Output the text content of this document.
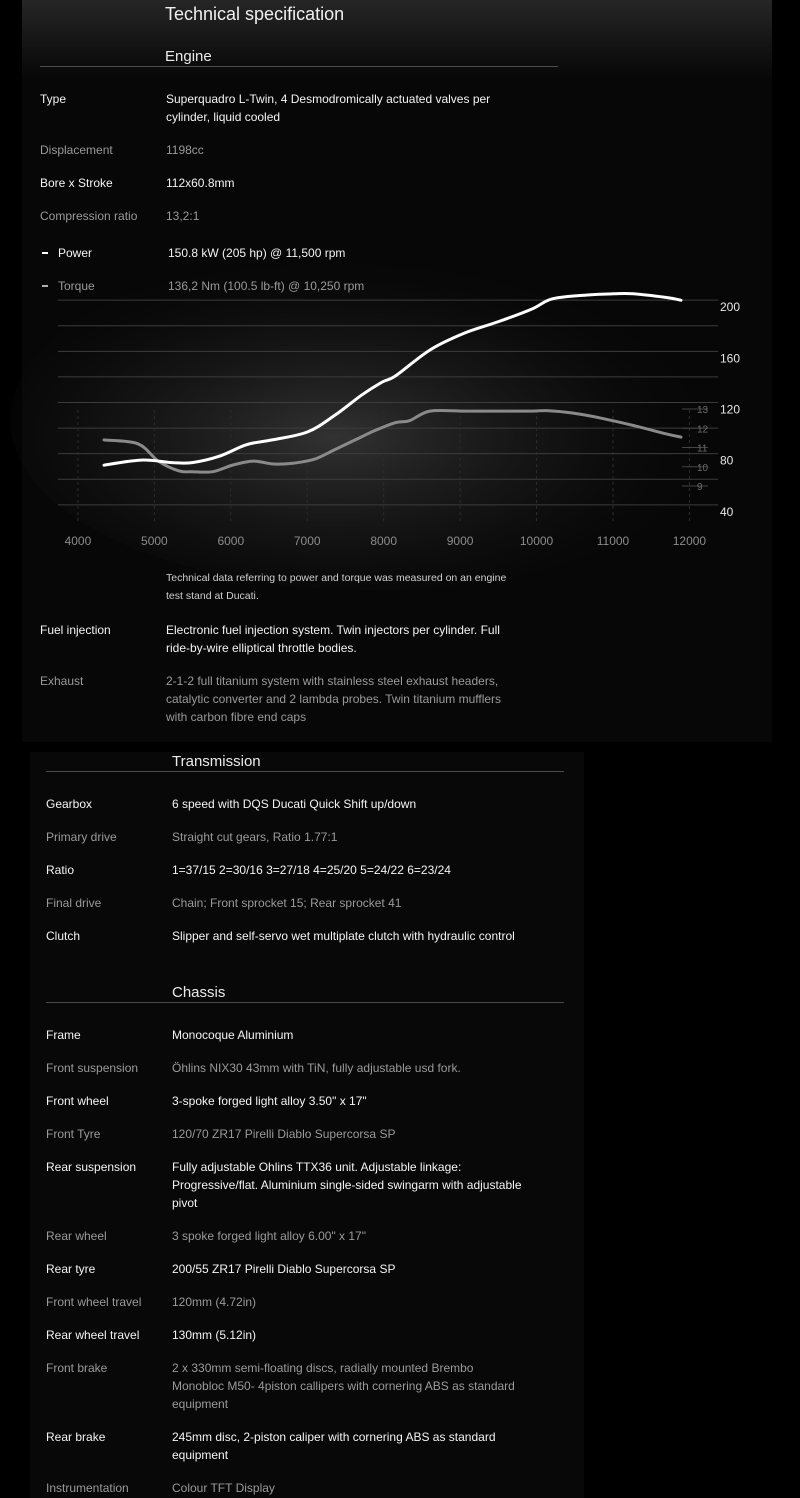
Technical specification
Engine
Type	Superquadro L-Twin, 4 Desmodromically actuated valves per
cylinder, liquid cooled
Displacement	1198cc
Bore x Stroke	112x60.8mm
Compression ratio 13,2:1
4000	5000	6000	7000	8000	9000	10000	11000	12000
40
80
120
160
200
9
10
11
12
13
Power	150.8 kW (205 hp) @ 11,500 rpm
Torque	136,2 Nm (100.5 lb-ft) @ 10,250 rpm
Technical data referring to power and torque was measured on an engine
test stand at Ducati.
Fuel injection	Electronic fuel injection system. Twin injectors per cylinder. Full
ride-by-wire elliptical throttle bodies.
Exhaust	2-1-2 full titanium system with stainless steel exhaust headers,
catalytic converter and 2 lambda probes. Twin titanium mufflers
with carbon fibre end caps
Transmission
Gearbox	6 speed with DQS Ducati Quick Shift up/down
Primary drive	Straight cut gears, Ratio 1.77:1
Ratio	1=37/15 2=30/16 3=27/18 4=25/20 5=24/22 6=23/24
Final drive	Chain; Front sprocket 15; Rear sprocket 41
Clutch	Slipper and self-servo wet multiplate clutch with hydraulic control
Chassis
Frame	Monocoque Aluminium
Front suspension	Öhlins NIX30 43mm with TiN, fully adjustable usd fork.
Front wheel	3-spoke forged light alloy 3.50" x 17"
Front Tyre	120/70 ZR17 Pirelli Diablo Supercorsa SP
Rear suspension	Fully adjustable Ohlins TTX36 unit. Adjustable linkage:
Progressive/flat. Aluminium single-sided swingarm with adjustable
pivot
Rear wheel	3 spoke forged light alloy 6.00" x 17"
Rear tyre	200/55 ZR17 Pirelli Diablo Supercorsa SP
Front wheel travel	120mm (4.72in)
Rear wheel travel	130mm (5.12in)
Front brake	2 x 330mm semi-floating discs, radially mounted Brembo
Monobloc M50- 4piston callipers with cornering ABS as standard
equipment
Rear brake	245mm disc, 2-piston caliper with cornering ABS as standard
equipment
Instrumentation	Colour TFT Display
